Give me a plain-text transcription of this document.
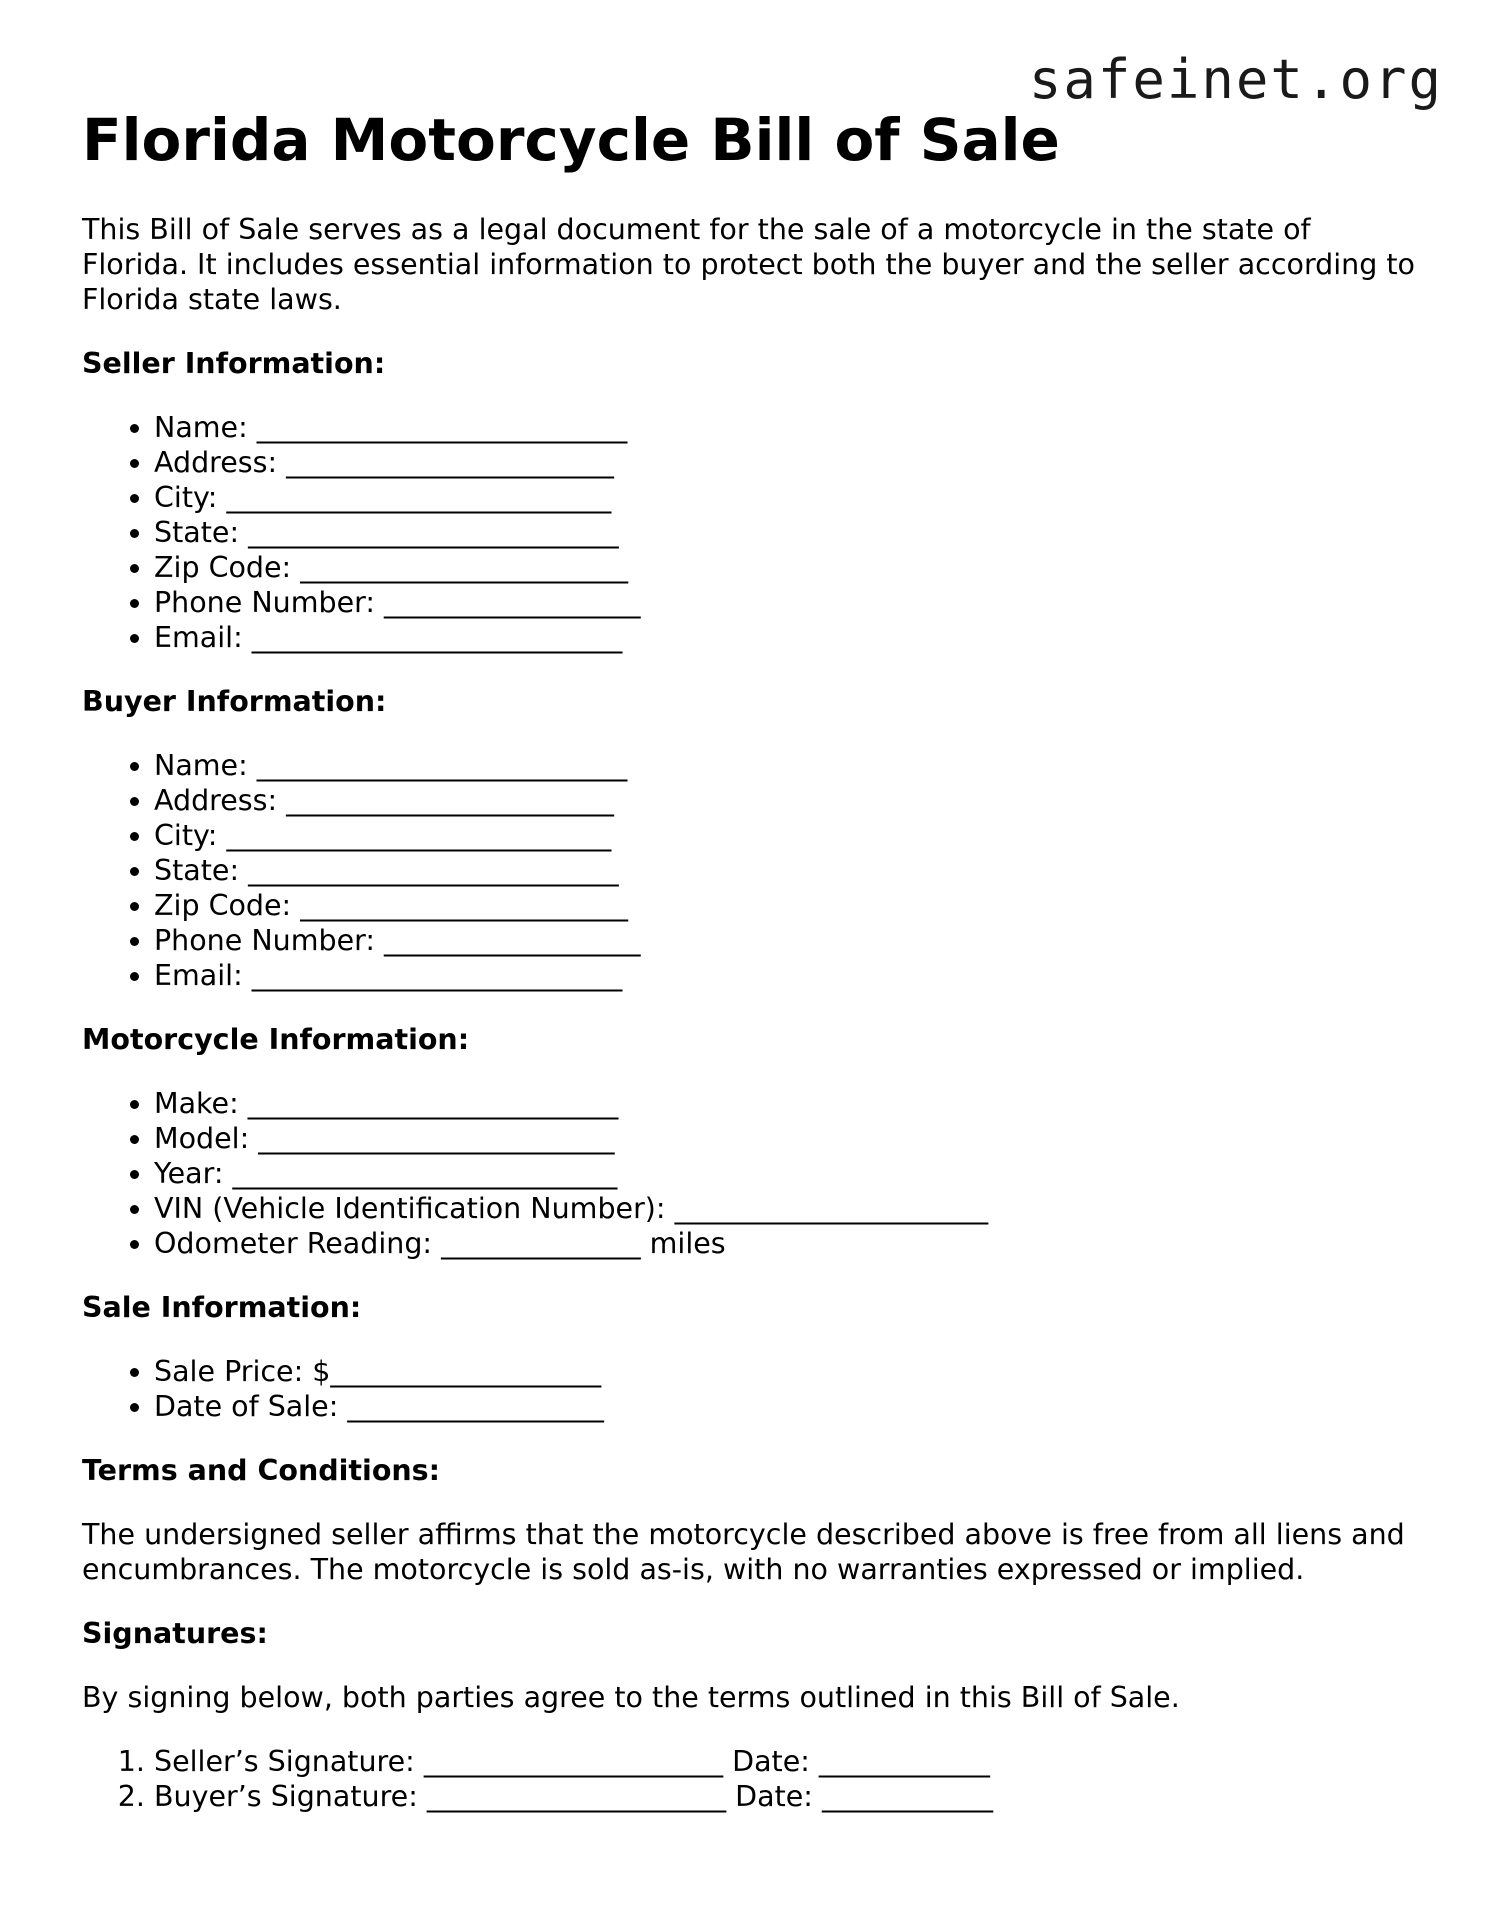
safeinet.org
Florida Motorcycle Bill of Sale

This Bill of Sale serves as a legal document for the sale of a motorcycle in the state of Florida. It includes essential information to protect both the buyer and the seller according to Florida state laws.

Seller Information:
• Name: __________________________
• Address: _______________________
• City: ___________________________
• State: __________________________
• Zip Code: _______________________
• Phone Number: __________________
• Email: __________________________
Buyer Information:
• Name: __________________________
• Address: _______________________
• City: ___________________________
• State: __________________________
• Zip Code: _______________________
• Phone Number: __________________
• Email: __________________________
Motorcycle Information:
• Make: __________________________
• Model: _________________________
• Year: ___________________________
• VIN (Vehicle Identification Number): ______________________
• Odometer Reading: ______________ miles
Sale Information:
• Sale Price: $___________________
• Date of Sale: __________________
Terms and Conditions:

The undersigned seller affirms that the motorcycle described above is free from all liens and encumbrances. The motorcycle is sold as-is, with no warranties expressed or implied.

Signatures:

By signing below, both parties agree to the terms outlined in this Bill of Sale.

1. Seller’s Signature: _____________________ Date: ____________
2. Buyer’s Signature: _____________________ Date: ____________
